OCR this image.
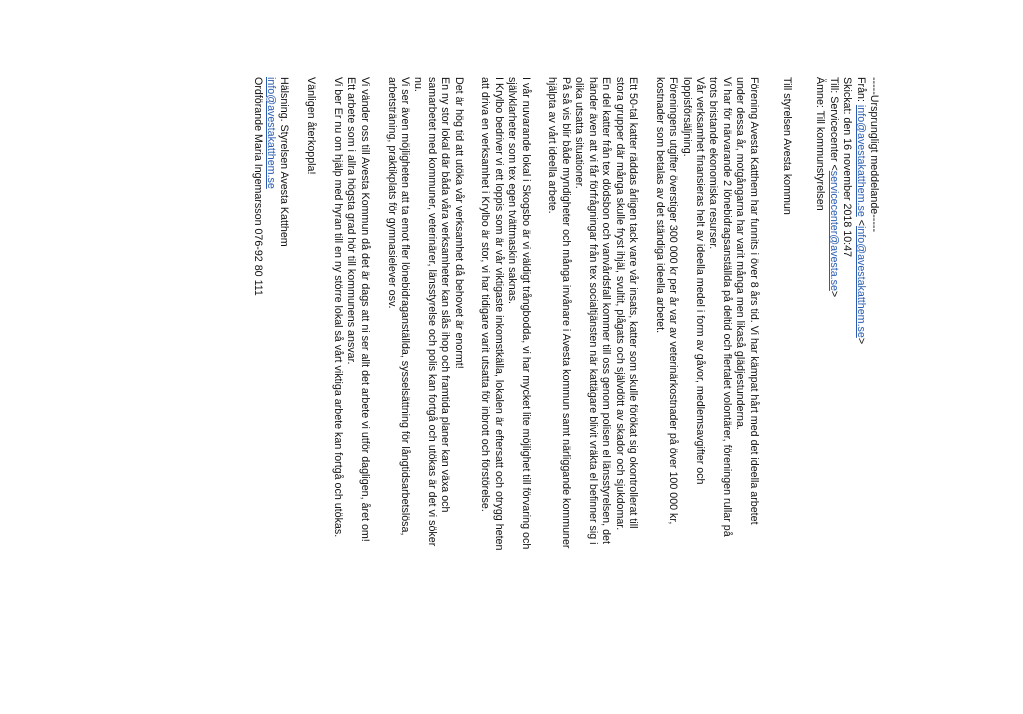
-----Ursprungligt meddelande-----
Från: info@avestakatthem.se <info@avestakatthem.se>
Skickat: den 16 november 2018 10:47
Till: Servicecenter <servicecenter@avesta.se>
Ämne: Till kommunstyrelsen
Till styrelsen Avesta kommun
Förening Avesta Katthem har funnits i över 8 års tid. Vi har kämpat hårt med det ideella arbetet
under dessa år, motgångarna har varit många men likaså glädjestunderna.
Vi har för närvarande 2 lönebidragsanställda på deltid och flertalet volontärer, föreningen rullar på
trots bristande ekonomiska resurser.
Vår verksamhet finansieras helt av ideella medel i form av gåvor, medlemsavgifter och
loppisförsäljning.
Föreningens utgifter överstiger 300 000 kr per år var av veterinärkostnader på över 100 000 kr,
kostnader som betalas av det ständiga ideella arbetet.
Ett 50-tal katter räddas årligen tack vare vår insats, katter som skulle förökat sig okontrollerat till
stora grupper där många skulle fryst ihjäl, svultit, plågats och självdött av skador och sjukdomar.
En del katter från tex dödsbon och vanvårdsfall kommer till oss genom polisen el länsstyrelsen, det
händer även att vi får förfrågningar från tex socialtjänsten när kattägare blivit vräkta el befinner sig i
olika utsatta situationer.
På så vis blir både myndigheter och många invånare i Avesta kommun samt närliggande kommuner
hjälpta av vårt ideella arbete.
I vår nuvarande lokal i Skogsbo är vi väldigt trångbodda, vi har mycket lite möjlighet till förvaring och
självklarheter som tex egen tvättmaskin saknas.
I Krylbo bedriver vi ett loppis som är vår viktigaste inkomstkälla, lokalen är eftersatt och otrygg heten
att driva en verksamhet i Krylbo är stor, vi har tidigare varit utsatta för inbrott och förstörelse.
Det är hög tid att utöka vår verksamhet då behovet är enormt!
En ny stor lokal där båda våra verksamheter kan slås ihop och framtida planer kan växa och
samarbetet med kommuner, veterinärer, länsstyrelse och polis kan fortgå och utökas är det vi söker
nu.
Vi ser även möjligheten att ta emot fler lönebidraganställda, sysselsättning för långtidsarbetslösa,
arbetsträning, praktikplats för gymnasielever osv.
Vi vänder oss till Avesta Kommun då det är dags att ni ser allt det arbete vi utför dagligen, året om!
Ett arbete som i allra högsta grad hör till kommunens ansvar.
Vi ber Er nu om hjälp med hyran till en ny större lokal så vårt viktiga arbete kan fortgå och utökas.
Vänligen återkoppla!
Hälsning. Styrelsen Avesta Katthem
info@avestakatthem.se
Ordförande Maria Ingemarsson 076-92 80 111
